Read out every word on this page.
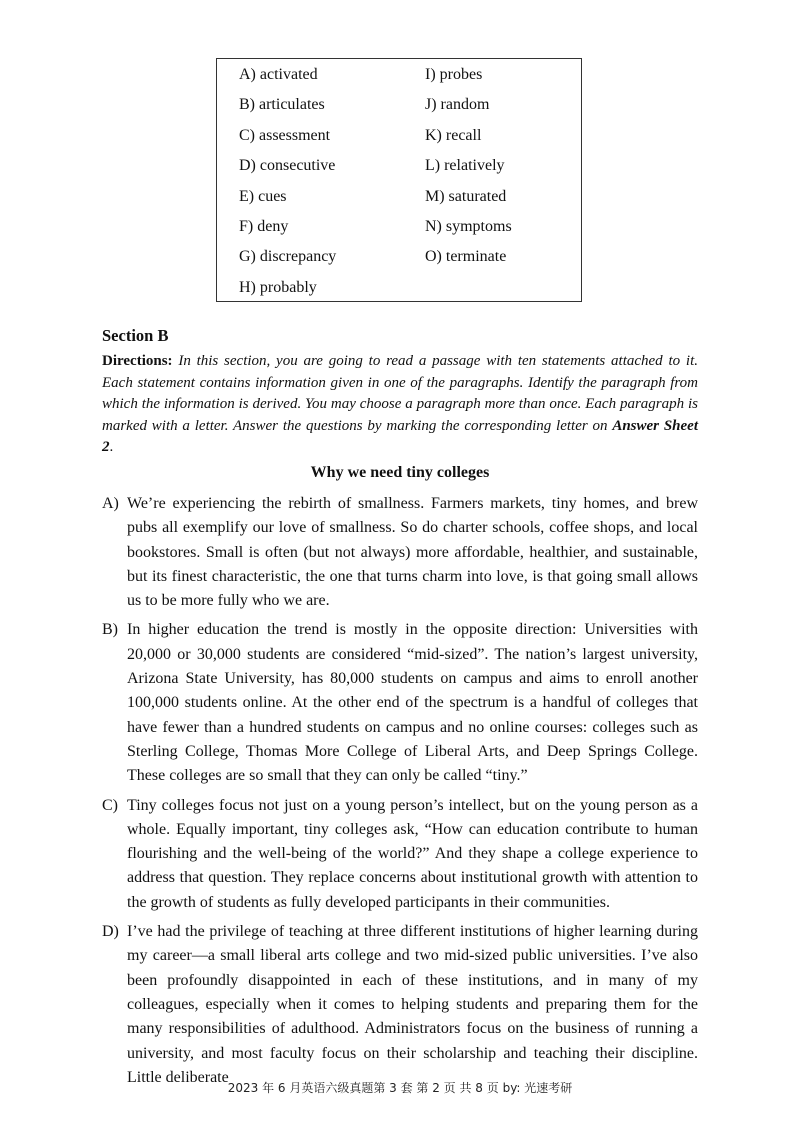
A) activated
B) articulates
C) assessment
D) consecutive
E) cues
F) deny
G) discrepancy
H) probably
I) probes
J) random
K) recall
L) relatively
M) saturated
N) symptoms
O) terminate
Section B
Directions: In this section, you are going to read a passage with ten statements attached to it. Each statement contains information given in one of the paragraphs. Identify the paragraph from which the information is derived. You may choose a paragraph more than once. Each paragraph is marked with a letter. Answer the questions by marking the corresponding letter on Answer Sheet 2.
Why we need tiny colleges
A) We’re experiencing the rebirth of smallness. Farmers markets, tiny homes, and brew pubs all exemplify our love of smallness. So do charter schools, coffee shops, and local bookstores. Small is often (but not always) more affordable, healthier, and sustainable, but its finest characteristic, the one that turns charm into love, is that going small allows us to be more fully who we are.
B) In higher education the trend is mostly in the opposite direction: Universities with 20,000 or 30,000 students are considered “mid-sized”. The nation’s largest university, Arizona State University, has 80,000 students on campus and aims to enroll another 100,000 students online. At the other end of the spectrum is a handful of colleges that have fewer than a hundred students on campus and no online courses: colleges such as Sterling College, Thomas More College of Liberal Arts, and Deep Springs College. These colleges are so small that they can only be called “tiny.”
C) Tiny colleges focus not just on a young person’s intellect, but on the young person as a whole. Equally important, tiny colleges ask, “How can education contribute to human flourishing and the well-being of the world?” And they shape a college experience to address that question. They replace concerns about institutional growth with attention to the growth of students as fully developed participants in their communities.
D) I’ve had the privilege of teaching at three different institutions of higher learning during my career—a small liberal arts college and two mid-sized public universities. I’ve also been profoundly disappointed in each of these institutions, and in many of my colleagues, especially when it comes to helping students and preparing them for the many responsibilities of adulthood. Administrators focus on the business of running a university, and most faculty focus on their scholarship and teaching their discipline. Little deliberate
2023 年 6 月英语六级真题第 3 套 第 2 页 共 8 页 by: 光速考研
